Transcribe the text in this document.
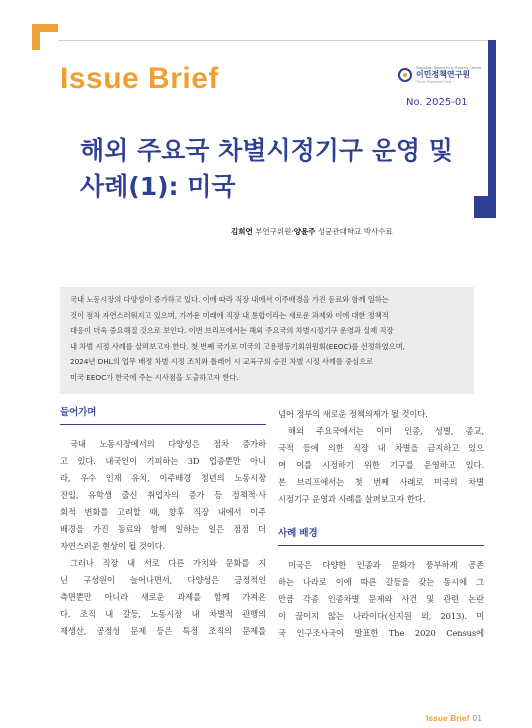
Issue Brief	Migration Research & Training Centre
이민정책연구원
Think Migration Hub
No. 2025-01
해외 주요국 차별시정기구 운영 및
사례(1): 미국
김희연 부연구위원·양윤주 성균관대학교 박사수료
국내 노동시장의 다양성이 증가하고 있다. 이에 따라 직장 내에서 이주배경을 가진 동료와 함께 일하는
것이 점차 자연스러워지고 있으며, 가까운 미래에 직장 내 통합이라는 새로운 과제와 이에 대한 정책적
대응이 더욱 중요해질 것으로 보인다. 이번 브리프에서는 해외 주요국의 차별시정기구 운영과 실제 직장
내 차별 시정 사례를 살펴보고자 한다. 첫 번째 국가로 미국의 고용평등기회위원회(EEOC)를 선정하였으며,
2024년 DHL의 업무 배정 차별 시정 조치와 틀레어 시 교육구의 승진 차별 시정 사례를 중심으로
미국 EEOC가 한국에 주는 시사점을 도출하고자 한다.
들어가며
국내 노동시장에서의 다양성은 점차 증가하
고 있다. 내국인이 기피하는 3D 업종뿐만 아니
라, 우수 인재 유치, 이주배경 청년의 노동시장
진입, 유학생 출신 취업자의 증가 등 정책적·사
회적 변화를 고려할 때, 향후 직장 내에서 이주
배경을 가진 동료와 함께 일하는 일은 점점 더
자연스러운 현상이 될 것이다.
그러나 직장 내 서로 다른 가치와 문화를 지
닌 구성원이 늘어나면서, 다양성은 긍정적인
측면뿐만 아니라 새로운 과제를 함께 가져온
다. 조직 내 갈등, 노동시장 내 차별적 관행의
재생산, 공정성 문제 등은 특정 조직의 문제를
넘어 정부의 새로운 정책의제가 될 것이다.
해외 주요국에서는 이미 인종, 성별, 종교,
국적 등에 의한 직장 내 차별을 금지하고 있으
며 이를 시정하기 위한 기구를 운영하고 있다.
본 브리프에서는 첫 번째 사례로 미국의 차별
시정기구 운영과 사례를 살펴보고자 한다.
사례 배경
미국은 다양한 인종과 문화가 풍부하게 공존
하는 나라로 이에 따른 갈등을 갖는 동시에 그
만큼 각종 인종차별 문제와 사건 및 관련 논란
이 끊이지 않는 나라이다(신지원 외, 2013). 미
국 인구조사국이 발표한 The 2020 Census에
Issue Brief 01
